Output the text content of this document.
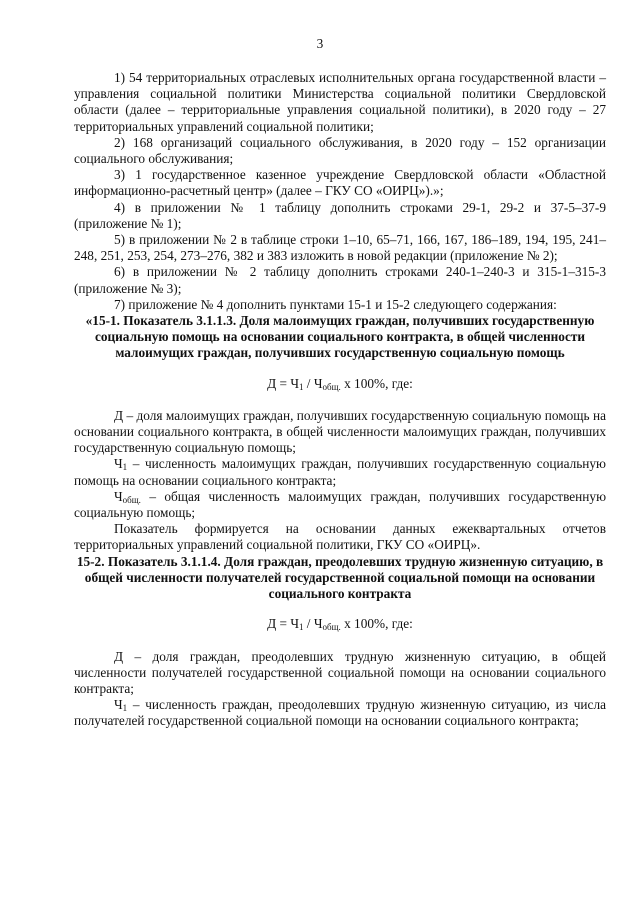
3

1) 54 территориальных отраслевых исполнительных органа государственной власти – управления социальной политики Министерства социальной политики Свердловской области (далее – территориальные управления социальной политики), в 2020 году – 27 территориальных управлений социальной политики;

2) 168 организаций социального обслуживания, в 2020 году – 152 организации социального обслуживания;

3) 1 государственное казенное учреждение Свердловской области «Областной информационно-расчетный центр» (далее – ГКУ СО «ОИРЦ»).»;

4) в приложении № 1 таблицу дополнить строками 29-1, 29-2 и 37-5–37-9 (приложение № 1);

5) в приложении № 2 в таблице строки 1–10, 65–71, 166, 167, 186–189, 194, 195, 241–248, 251, 253, 254, 273–276, 382 и 383 изложить в новой редакции (приложение № 2);

6) в приложении № 2 таблицу дополнить строками 240-1–240-3 и 315-1–315-3 (приложение № 3);

7) приложение № 4 дополнить пунктами 15-1 и 15-2 следующего содержания:

«15-1. Показатель 3.1.1.3. Доля малоимущих граждан, получивших государственную социальную помощь на основании социального контракта, в общей численности малоимущих граждан, получивших государственную социальную помощь

$Д = Ч_1 / Ч_{общ.}$ х 100%, где:

Д – доля малоимущих граждан, получивших государственную социальную помощь на основании социального контракта, в общей численности малоимущих граждан, получивших государственную социальную помощь;

$Ч_1$ – численность малоимущих граждан, получивших государственную социальную помощь на основании социального контракта;

$Ч_{общ.}$ – общая численность малоимущих граждан, получивших государственную социальную помощь;

Показатель формируется на основании данных ежеквартальных отчетов территориальных управлений социальной политики, ГКУ СО «ОИРЦ».

15-2. Показатель 3.1.1.4. Доля граждан, преодолевших трудную жизненную ситуацию, в общей численности получателей государственной социальной помощи на основании социального контракта

$Д = Ч_1 / Ч_{общ.}$ х 100%, где:

Д – доля граждан, преодолевших трудную жизненную ситуацию, в общей численности получателей государственной социальной помощи на основании социального контракта;

$Ч_1$ – численность граждан, преодолевших трудную жизненную ситуацию, из числа получателей государственной социальной помощи на основании социального контракта;
